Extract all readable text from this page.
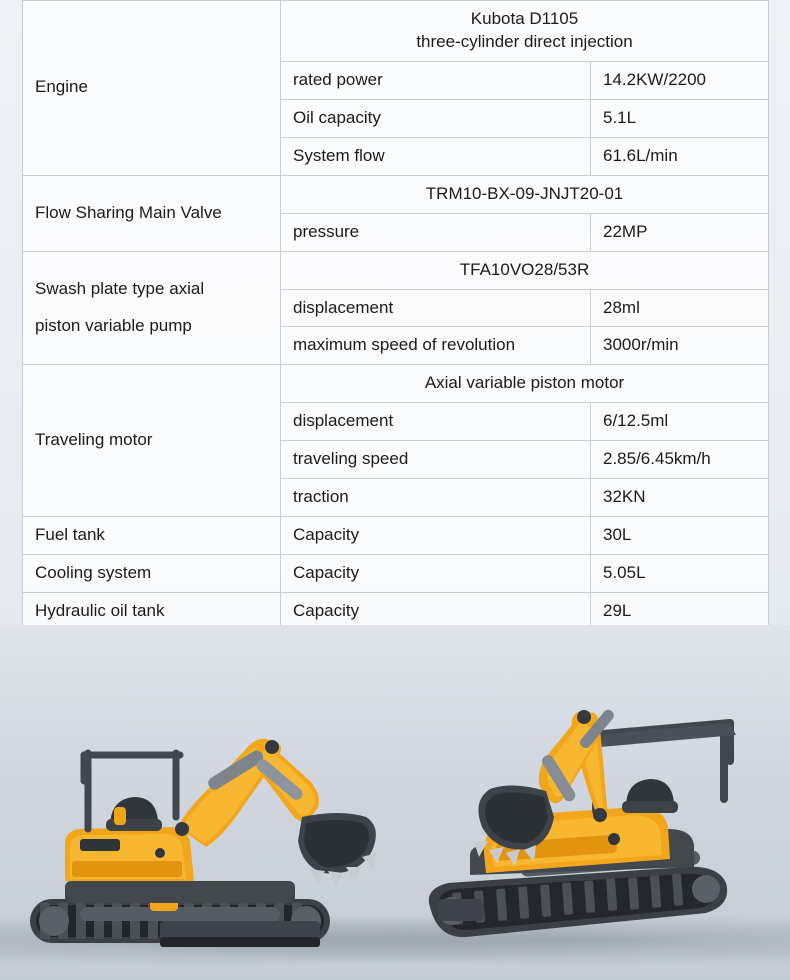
Engine	Kubota D1105
three-cylinder direct injection	

	rated power	14.2KW/2200
	Oil capacity	5.1L
	System flow	61.6L/min
Flow Sharing Main Valve	TRM10-BX-09-JNJT20-01	
	pressure	22MP

Swash plate type axial
piston variable pump	TFA10VO28/53R	
	displacement	28ml
	maximum speed of revolution	3000r/min
Traveling motor	Axial variable piston motor	
	displacement	6/12.5ml
	traveling speed	2.85/6.45km/h
	traction	32KN
Fuel tank	Capacity	30L
Cooling system	Capacity	5.05L
Hydraulic oil tank	Capacity	29L
